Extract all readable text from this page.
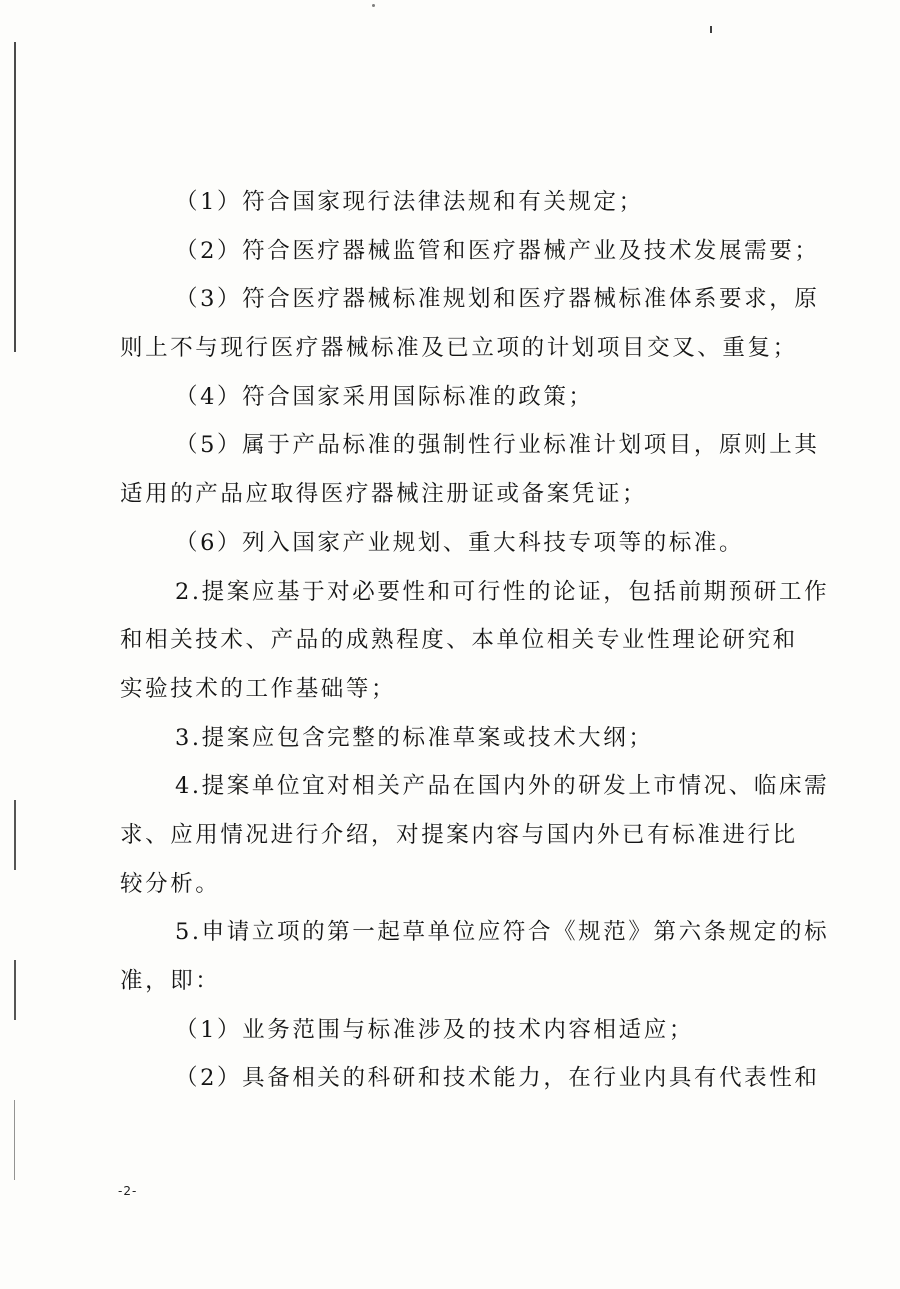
（1）符合国家现行法律法规和有关规定；
（2）符合医疗器械监管和医疗器械产业及技术发展需要；
（3）符合医疗器械标准规划和医疗器械标准体系要求，原
则上不与现行医疗器械标准及已立项的计划项目交叉、重复；
（4）符合国家采用国际标准的政策；
（5）属于产品标准的强制性行业标准计划项目，原则上其
适用的产品应取得医疗器械注册证或备案凭证；
（6）列入国家产业规划、重大科技专项等的标准。
2.提案应基于对必要性和可行性的论证，包括前期预研工作
和相关技术、产品的成熟程度、本单位相关专业性理论研究和
实验技术的工作基础等；
3.提案应包含完整的标准草案或技术大纲；
4.提案单位宜对相关产品在国内外的研发上市情况、临床需
求、应用情况进行介绍，对提案内容与国内外已有标准进行比
较分析。
5.申请立项的第一起草单位应符合《规范》第六条规定的标
准，即：
（1）业务范围与标准涉及的技术内容相适应；
（2）具备相关的科研和技术能力，在行业内具有代表性和
-2-
